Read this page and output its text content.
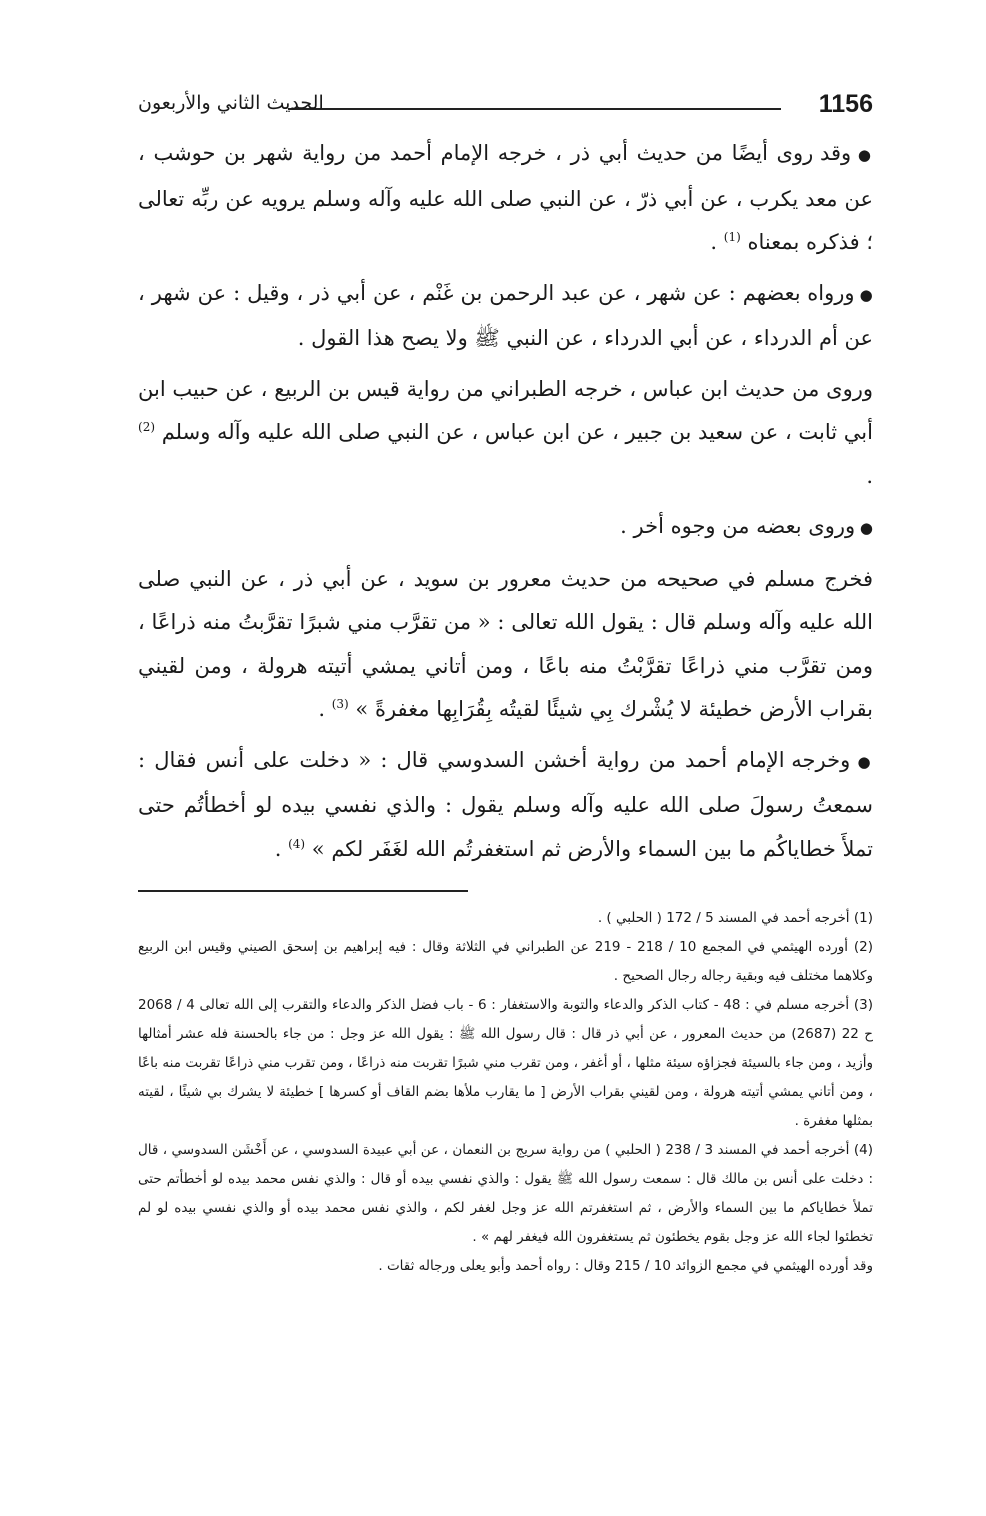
1156
الحديث الثاني والأربعون

● وقد روى أيضًا من حديث أبي ذر ، خرجه الإمام أحمد من رواية شهر بن حوشب ، عن معد يكرب ، عن أبي ذرّ ، عن النبي صلى الله عليه وآله وسلم يرويه عن ربِّه تعالى ؛ فذكره بمعناه $^{(1)}$ .

● ورواه بعضهم : عن شهر ، عن عبد الرحمن بن غَنْم ، عن أبي ذر ، وقيل : عن شهر ، عن أم الدرداء ، عن أبي الدرداء ، عن النبي ﷺ ولا يصح هذا القول .

وروى من حديث ابن عباس ، خرجه الطبراني من رواية قيس بن الربيع ، عن حبيب ابن أبي ثابت ، عن سعيد بن جبير ، عن ابن عباس ، عن النبي صلى الله عليه وآله وسلم $^{(2)}$ .

● وروى بعضه من وجوه أخر .

فخرج مسلم في صحيحه من حديث معرور بن سويد ، عن أبي ذر ، عن النبي صلى الله عليه وآله وسلم قال : يقول الله تعالى : « من تقرَّب مني شبرًا تقرَّبتُ منه ذراعًا ، ومن تقرَّب مني ذراعًا تقرَّبْتُ منه باعًا ، ومن أتاني يمشي أتيته هرولة ، ومن لقيني بقراب الأرض خطيئة لا يُشْرك بِي شيئًا لقيتُه بِقُرَابِها مغفرةً » $^{(3)}$ .

● وخرجه الإمام أحمد من رواية أخشن السدوسي قال : « دخلت على أنس فقال : سمعتُ رسولَ صلى الله عليه وآله وسلم يقول : والذي نفسي بيده لو أخطأتُم حتى تملأَ خطاياكُم ما بين السماء والأرض ثم استغفرتُم الله لغَفَر لكم » $^{(4)}$ .

(1) أخرجه أحمد في المسند 5 / 172 ( الحلبي ) .

(2) أورده الهيثمي في المجمع 10 / 218 - 219 عن الطبراني في الثلاثة وقال : فيه إبراهيم بن إسحق الصيني وقيس ابن الربيع وكلاهما مختلف فيه وبقية رجاله رجال الصحيح .

(3) أخرجه مسلم في : 48 - كتاب الذكر والدعاء والتوبة والاستغفار : 6 - باب فضل الذكر والدعاء والتقرب إلى الله تعالى 4 / 2068 ح 22 (2687) من حديث المعرور ، عن أبي ذر قال : قال رسول الله ﷺ : يقول الله عز وجل : من جاء بالحسنة فله عشر أمثالها وأزيد ، ومن جاء بالسيئة فجزاؤه سيئة مثلها ، أو أغفر ، ومن تقرب مني شبرًا تقربت منه ذراعًا ، ومن تقرب مني ذراعًا تقربت منه باعًا ، ومن أتاني يمشي أتيته هرولة ، ومن لقيني بقراب الأرض [ ما يقارب ملأها بضم القاف أو كسرها ] خطيئة لا يشرك بي شيئًا ، لقيته بمثلها مغفرة .

(4) أخرجه أحمد في المسند 3 / 238 ( الحلبي ) من رواية سريج بن النعمان ، عن أبي عبيدة السدوسي ، عن أَخْشَن السدوسي ، قال : دخلت على أنس بن مالك قال : سمعت رسول الله ﷺ يقول : والذي نفسي بيده أو قال : والذي نفس محمد بيده لو أخطأتم حتى تملأ خطاياكم ما بين السماء والأرض ، ثم استغفرتم الله عز وجل لغفر لكم ، والذي نفس محمد بيده أو والذي نفسي بيده لو لم تخطئوا لجاء الله عز وجل بقوم يخطئون ثم يستغفرون الله فيغفر لهم » .

وقد أورده الهيثمي في مجمع الزوائد 10 / 215 وقال : رواه أحمد وأبو يعلى ورجاله ثقات .
